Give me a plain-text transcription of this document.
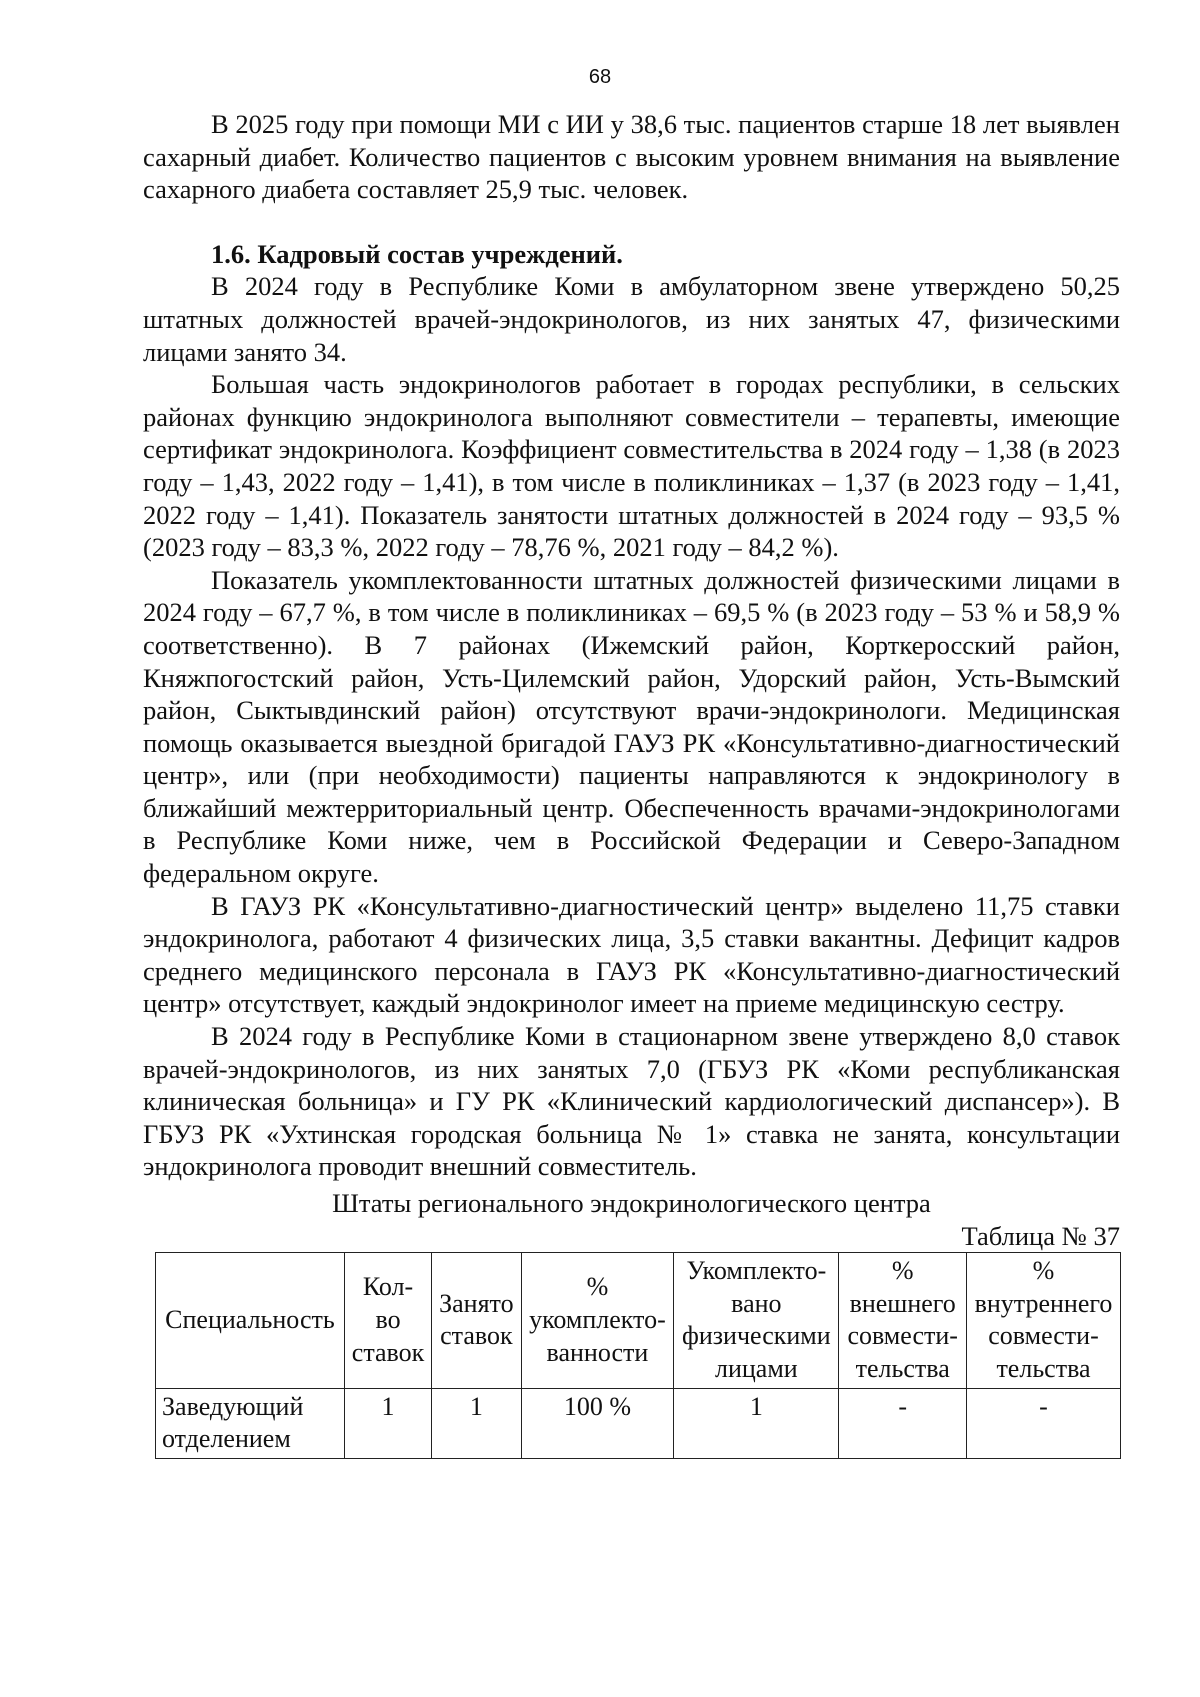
68

В 2025 году при помощи МИ с ИИ у 38,6 тыс. пациентов старше 18 лет выявлен сахарный диабет. Количество пациентов с высоким уровнем внимания на выявление сахарного диабета составляет 25,9 тыс. человек.

1.6. Кадровый состав учреждений.

В 2024 году в Республике Коми в амбулаторном звене утверждено 50,25 штатных должностей врачей-эндокринологов, из них занятых 47, физическими лицами занято 34.

Большая часть эндокринологов работает в городах республики, в сельских районах функцию эндокринолога выполняют совместители – терапевты, имеющие сертификат эндокринолога. Коэффициент совместительства в 2024 году – 1,38 (в 2023 году – 1,43, 2022 году – 1,41), в том числе в поликлиниках – 1,37 (в 2023 году – 1,41, 2022 году – 1,41). Показатель занятости штатных должностей в 2024 году – 93,5 % (2023 году – 83,3 %, 2022 году – 78,76 %, 2021 году – 84,2 %).

Показатель укомплектованности штатных должностей физическими лицами в 2024 году – 67,7 %, в том числе в поликлиниках – 69,5 % (в 2023 году – 53 % и 58,9 % соответственно). В 7 районах (Ижемский район, Корткеросский район, Княжпогостский район, Усть-Цилемский район, Удорский район, Усть-Вымский район, Сыктывдинский район) отсутствуют врачи-эндокринологи. Медицинская помощь оказывается выездной бригадой ГАУЗ РК «Консультативно-диагностический центр», или (при необходимости) пациенты направляются к эндокринологу в ближайший межтерриториальный центр. Обеспеченность врачами-эндокринологами в Республике Коми ниже, чем в Российской Федерации и Северо-Западном федеральном округе.

В ГАУЗ РК «Консультативно-диагностический центр» выделено 11,75 ставки эндокринолога, работают 4 физических лица, 3,5 ставки вакантны. Дефицит кадров среднего медицинского персонала в ГАУЗ РК «Консультативно-диагностический центр» отсутствует, каждый эндокринолог имеет на приеме медицинскую сестру.

В 2024 году в Республике Коми в стационарном звене утверждено 8,0 ставок врачей-эндокринологов, из них занятых 7,0 (ГБУЗ РК «Коми республиканская клиническая больница» и ГУ РК «Клинический кардиологический диспансер»). В ГБУЗ РК «Ухтинская городская больница № 1» ставка не занята, консультации эндокринолога проводит внешний совместитель.

Штаты регионального эндокринологического центра
Таблица № 37
Специальность	Кол-во ставок	Занято ставок	% укомплекто-ванности	Укомплекто-вано физическими лицами	% внешнего совмести-тельства	% внутреннего совмести-тельства
Заведующий отделением	1	1	100 %	1	-	-
